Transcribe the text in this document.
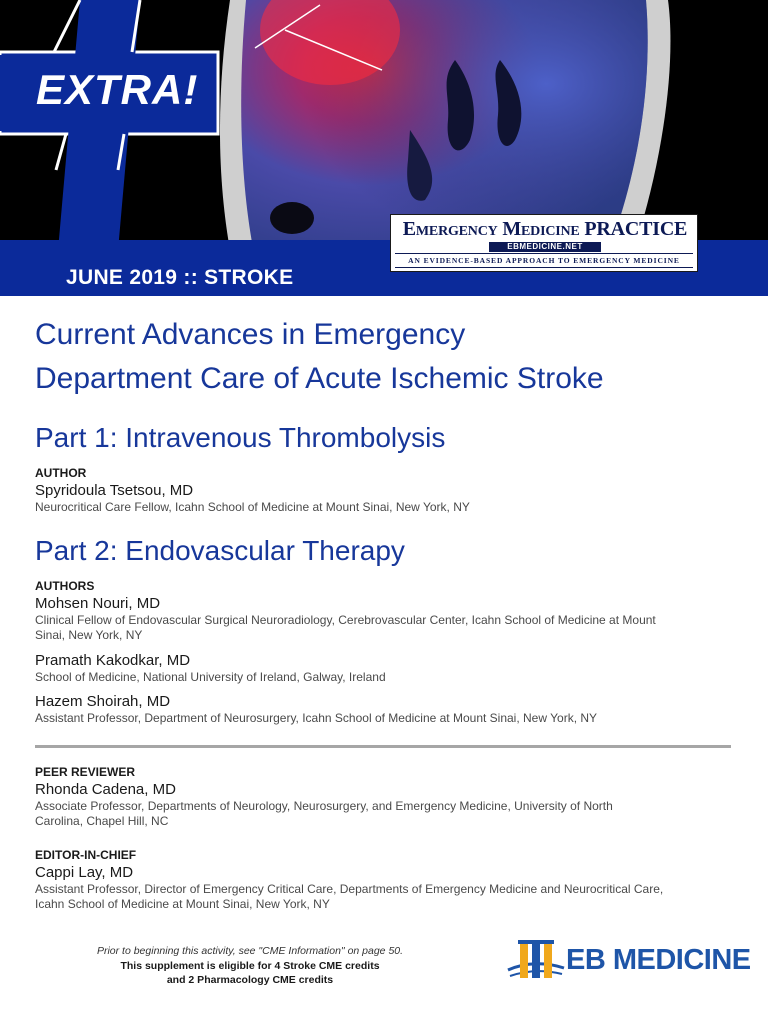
EXTRA!
JUNE 2019 :: STROKE
Emergency Medicine PRACTICE
EBMEDICINE.NET
AN EVIDENCE-BASED APPROACH TO EMERGENCY MEDICINE
Current Advances in Emergency
Department Care of Acute Ischemic Stroke
Part 1: Intravenous Thrombolysis
AUTHOR
Spyridoula Tsetsou, MD
Neurocritical Care Fellow, Icahn School of Medicine at Mount Sinai, New York, NY
Part 2: Endovascular Therapy
AUTHORS
Mohsen Nouri, MD
Clinical Fellow of Endovascular Surgical Neuroradiology, Cerebrovascular Center, Icahn School of Medicine at Mount
Sinai, New York, NY
Pramath Kakodkar, MD
School of Medicine, National University of Ireland, Galway, Ireland
Hazem Shoirah, MD
Assistant Professor, Department of Neurosurgery, Icahn School of Medicine at Mount Sinai, New York, NY
PEER REVIEWER
Rhonda Cadena, MD
Associate Professor, Departments of Neurology, Neurosurgery, and Emergency Medicine, University of North
Carolina, Chapel Hill, NC
EDITOR-IN-CHIEF
Cappi Lay, MD
Assistant Professor, Director of Emergency Critical Care, Departments of Emergency Medicine and Neurocritical Care,
Icahn School of Medicine at Mount Sinai, New York, NY
Prior to beginning this activity, see "CME Information" on page 50.
This supplement is eligible for 4 Stroke CME credits
and 2 Pharmacology CME credits
EB MEDICINE
